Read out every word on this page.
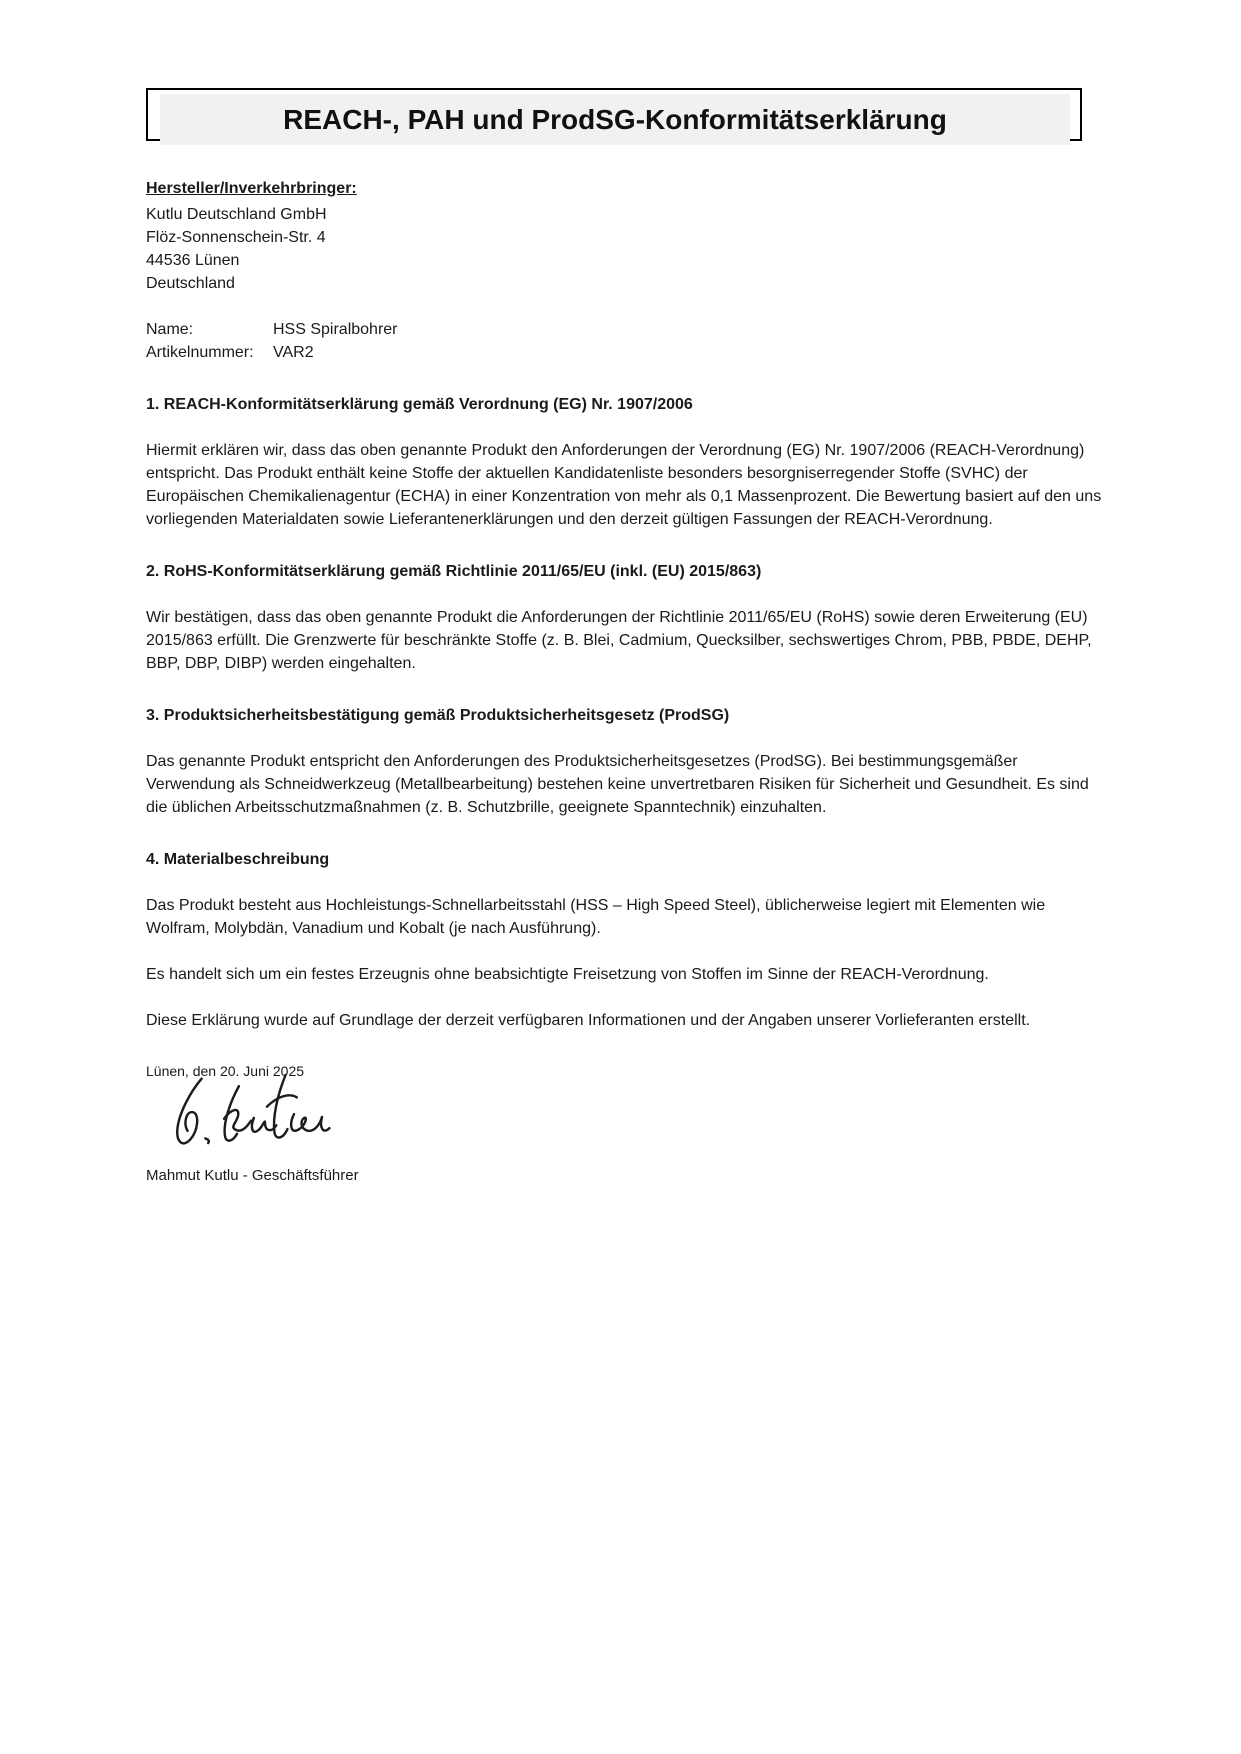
REACH-, PAH und ProdSG-Konformitätserklärung
Hersteller/Inverkehrbringer:
Kutlu Deutschland GmbH
Flöz-Sonnenschein-Str. 4
44536 Lünen
Deutschland
Name:	HSS Spiralbohrer
Artikelnummer:	VAR2
1. REACH-Konformitätserklärung gemäß Verordnung (EG) Nr. 1907/2006

Hiermit erklären wir, dass das oben genannte Produkt den Anforderungen der Verordnung (EG) Nr. 1907/2006 (REACH-Verordnung) entspricht. Das Produkt enthält keine Stoffe der aktuellen Kandidatenliste besonders besorgniserregender Stoffe (SVHC) der Europäischen Chemikalienagentur (ECHA) in einer Konzentration von mehr als 0,1 Massenprozent. Die Bewertung basiert auf den uns vorliegenden Materialdaten sowie Lieferantenerklärungen und den derzeit gültigen Fassungen der REACH-Verordnung.

2. RoHS-Konformitätserklärung gemäß Richtlinie 2011/65/EU (inkl. (EU) 2015/863)

Wir bestätigen, dass das oben genannte Produkt die Anforderungen der Richtlinie 2011/65/EU (RoHS) sowie deren Erweiterung (EU) 2015/863 erfüllt. Die Grenzwerte für beschränkte Stoffe (z. B. Blei, Cadmium, Quecksilber, sechswertiges Chrom, PBB, PBDE, DEHP, BBP, DBP, DIBP) werden eingehalten.

3. Produktsicherheitsbestätigung gemäß Produktsicherheitsgesetz (ProdSG)

Das genannte Produkt entspricht den Anforderungen des Produktsicherheitsgesetzes (ProdSG). Bei bestimmungsgemäßer Verwendung als Schneidwerkzeug (Metallbearbeitung) bestehen keine unvertretbaren Risiken für Sicherheit und Gesundheit. Es sind die üblichen Arbeitsschutzmaßnahmen (z. B. Schutzbrille, geeignete Spanntechnik) einzuhalten.

4. Materialbeschreibung

Das Produkt besteht aus Hochleistungs-Schnellarbeitsstahl (HSS – High Speed Steel), üblicherweise legiert mit Elementen wie Wolfram, Molybdän, Vanadium und Kobalt (je nach Ausführung).

Es handelt sich um ein festes Erzeugnis ohne beabsichtigte Freisetzung von Stoffen im Sinne der REACH-Verordnung.

Diese Erklärung wurde auf Grundlage der derzeit verfügbaren Informationen und der Angaben unserer Vorlieferanten erstellt.

Lünen, den 20. Juni 2025
Mahmut Kutlu - Geschäftsführer
